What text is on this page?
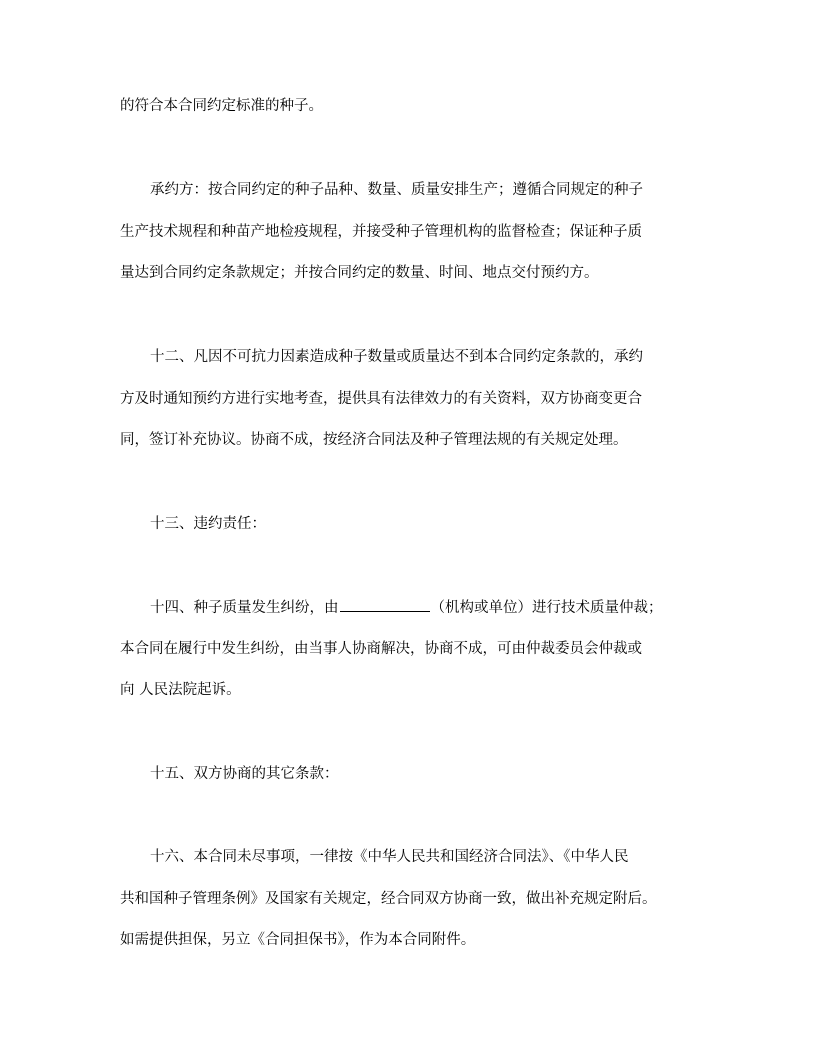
的符合本合同约定标准的种子。
承约方：按合同约定的种子品种、数量、质量安排生产；遵循合同规定的种子
生产技术规程和种苗产地检疫规程，并接受种子管理机构的监督检查；保证种子质
量达到合同约定条款规定；并按合同约定的数量、时间、地点交付预约方。
十二、凡因不可抗力因素造成种子数量或质量达不到本合同约定条款的，承约
方及时通知预约方进行实地考查，提供具有法律效力的有关资料，双方协商变更合
同，签订补充协议。协商不成，按经济合同法及种子管理法规的有关规定处理。
十三、违约责任：
十四、种子质量发生纠纷，由	（机构或单位）进行技术质量仲裁；
本合同在履行中发生纠纷，由当事人协商解决，协商不成，可由仲裁委员会仲裁或
向 人民法院起诉。
十五、双方协商的其它条款：
十六、本合同未尽事项，一律按《中华人民共和国经济合同法》、《中华人民
共和国种子管理条例》及国家有关规定，经合同双方协商一致，做出补充规定附后。
如需提供担保，另立《合同担保书》，作为本合同附件。
